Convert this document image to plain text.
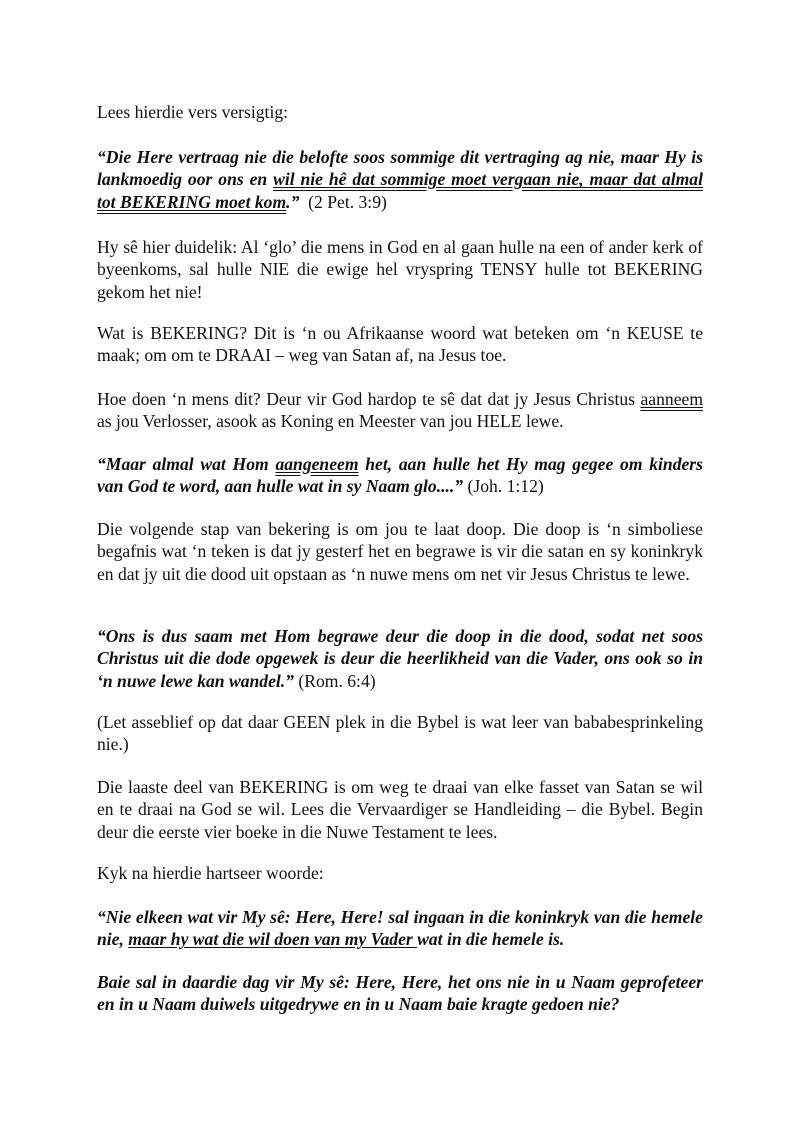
Lees hierdie vers versigtig:

“Die Here vertraag nie die belofte soos sommige dit vertraging ag nie, maar Hy is lankmoedig oor ons en wil nie hê dat sommige moet vergaan nie, maar dat almal tot BEKERING moet kom.” (2 Pet. 3:9)

Hy sê hier duidelik: Al ‘glo’ die mens in God en al gaan hulle na een of ander kerk of byeenkoms, sal hulle NIE die ewige hel vryspring TENSY hulle tot BEKERING gekom het nie!

Wat is BEKERING? Dit is ‘n ou Afrikaanse woord wat beteken om ‘n KEUSE te maak; om om te DRAAI – weg van Satan af, na Jesus toe.

Hoe doen ‘n mens dit? Deur vir God hardop te sê dat dat jy Jesus Christus aanneem as jou Verlosser, asook as Koning en Meester van jou HELE lewe.

“Maar almal wat Hom aangeneem het, aan hulle het Hy mag gegee om kinders van God te word, aan hulle wat in sy Naam glo....” (Joh. 1:12)

Die volgende stap van bekering is om jou te laat doop. Die doop is ‘n simboliese begafnis wat ‘n teken is dat jy gesterf het en begrawe is vir die satan en sy koninkryk en dat jy uit die dood uit opstaan as ‘n nuwe mens om net vir Jesus Christus te lewe.

“Ons is dus saam met Hom begrawe deur die doop in die dood, sodat net soos Christus uit die dode opgewek is deur die heerlikheid van die Vader, ons ook so in ‘n nuwe lewe kan wandel.” (Rom. 6:4)

(Let asseblief op dat daar GEEN plek in die Bybel is wat leer van bababesprinkeling nie.)

Die laaste deel van BEKERING is om weg te draai van elke fasset van Satan se wil en te draai na God se wil. Lees die Vervaardiger se Handleiding – die Bybel. Begin deur die eerste vier boeke in die Nuwe Testament te lees.

Kyk na hierdie hartseer woorde:

“Nie elkeen wat vir My sê: Here, Here! sal ingaan in die koninkryk van die hemele nie, maar hy wat die wil doen van my Vader wat in die hemele is.

Baie sal in daardie dag vir My sê: Here, Here, het ons nie in u Naam geprofeteer en in u Naam duiwels uitgedrywe en in u Naam baie kragte gedoen nie?
